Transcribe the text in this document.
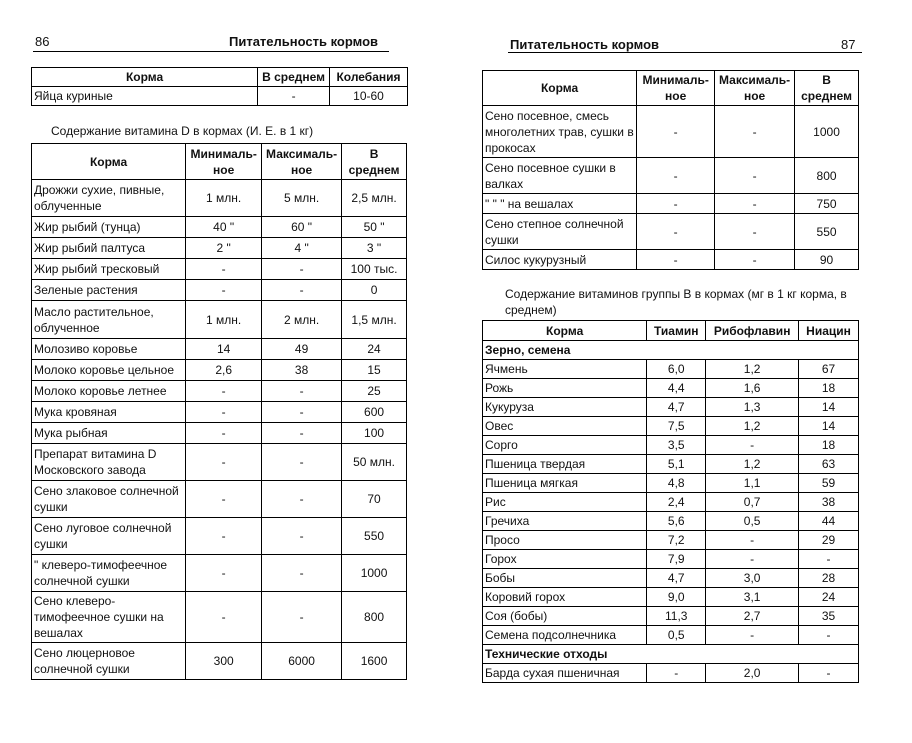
86	Питательность кормов
Корма	В среднем	Колебания
Яйца куриные	-	10-60
Содержание витамина D в кормах (И. Е. в 1 кг)
Корма	Минималь-ное	Максималь-ное	В среднем
Дрожжи сухие, пивные, облученные	1 млн.	5 млн.	2,5 млн.
Жир рыбий (тунца)	40 "	60 "	50 "
Жир рыбий палтуса	2 "	4 "	3 "
Жир рыбий тресковый	-	-	100 тыс.
Зеленые растения	-	-	0
Масло растительное, облученное	1 млн.	2 млн.	1,5 млн.
Молозиво коровье	14	49	24
Молоко коровье цельное	2,6	38	15
Молоко коровье летнее	-	-	25
Мука кровяная	-	-	600
Мука рыбная	-	-	100
Препарат витамина D Московского завода	-	-	50 млн.
Сено злаковое солнечной сушки	-	-	70
Сено луговое солнечной сушки	-	-	550
" клеверо-тимофеечное солнечной сушки	-	-	1000
Сено клеверо-тимофеечное сушки на вешалах	-	-	800
Сено люцерновое солнечной сушки	300	6000	1600
Питательность кормов	87
Корма	Минималь-ное	Максималь-ное	В среднем
Сено посевное, смесь многолетних трав, сушки в прокосах	-	-	1000
Сено посевное сушки в валках	-	-	800
" " " на вешалах	-	-	750
Сено степное солнечной сушки	-	-	550
Силос кукурузный	-	-	90
Содержание витаминов группы В в кормах (мг в 1 кг корма, в среднем)
Корма	Тиамин	Рибофлавин	Ниацин
Зерно, семена			
Ячмень	6,0	1,2	67
Рожь	4,4	1,6	18
Кукуруза	4,7	1,3	14
Овес	7,5	1,2	14
Сорго	3,5	-	18
Пшеница твердая	5,1	1,2	63
Пшеница мягкая	4,8	1,1	59
Рис	2,4	0,7	38
Гречиха	5,6	0,5	44
Просо	7,2	-	29
Горох	7,9	-	-
Бобы	4,7	3,0	28
Коровий горох	9,0	3,1	24
Соя (бобы)	11,3	2,7	35
Семена подсолнечника	0,5	-	-
Технические отходы			
Барда сухая пшеничная	-	2,0	-
